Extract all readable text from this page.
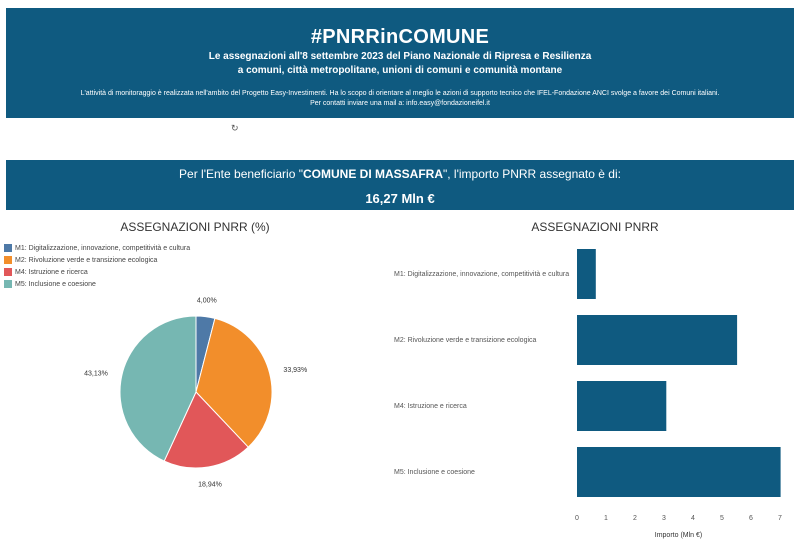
#PNRRinCOMUNE
Le assegnazioni all'8 settembre 2023 del Piano Nazionale di Ripresa e Resilienza
a comuni, città metropolitane, unioni di comuni e comunità montane
L'attività di monitoraggio è realizzata nell'ambito del Progetto Easy-Investimenti. Ha lo scopo di orientare al meglio le azioni di supporto tecnico che IFEL-Fondazione ANCI svolge a favore dei Comuni italiani.
Per contatti inviare una mail a: info.easy@fondazioneifel.it
↻
Per l'Ente beneficiario "COMUNE DI MASSAFRA", l'importo PNRR assegnato è di:
16,27 Mln €
ASSEGNAZIONI PNRR (%)	ASSEGNAZIONI PNRR
M1: Digitalizzazione, innovazione, competitività e cultura
M2: Rivoluzione verde e transizione ecologica
M4: Istruzione e ricerca
M5: Inclusione e coesione
4,00%
33,93%
18,94%
43,13%
M1: Digitalizzazione, innovazione, competitività e cultura
M2: Rivoluzione verde e transizione ecologica
M4: Istruzione e ricerca
M5: Inclusione e coesione
0	1	2	3	4	5	6	7
Importo (Mln €)
